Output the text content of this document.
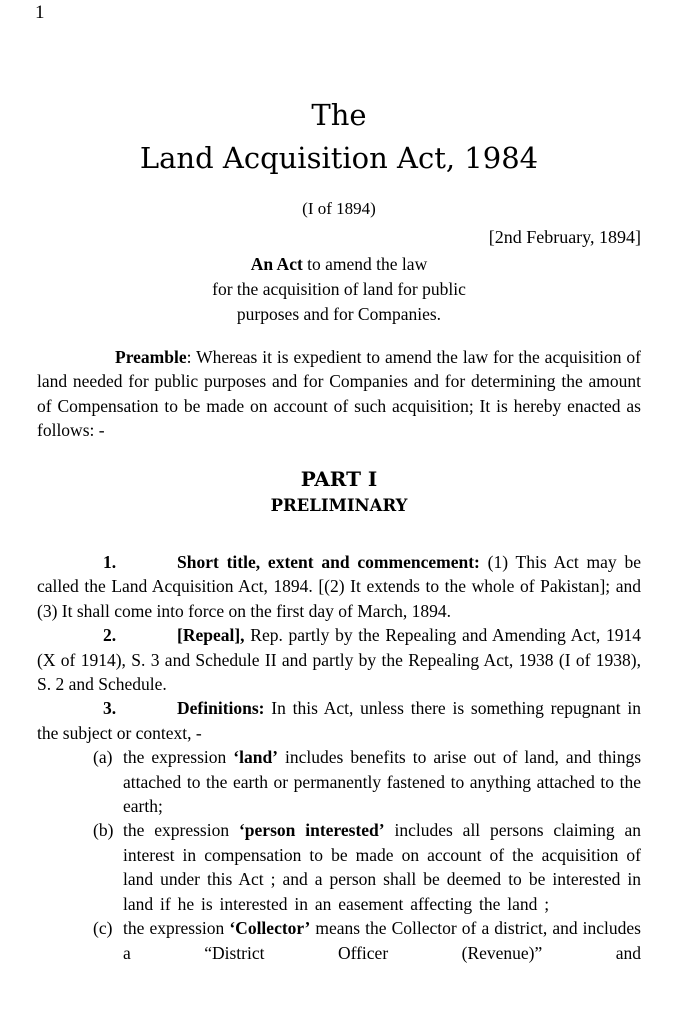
1
The
Land Acquisition Act, 1984
(I of 1894)
[2nd February, 1894]
An Act to amend the law
for the acquisition of land for public
purposes and for Companies.

Preamble: Whereas it is expedient to amend the law for the acquisition of land needed for public purposes and for Companies and for determining the amount of Compensation to be made on account of such acquisition; It is hereby enacted as follows: -

PART I
PRELIMINARY

1.	Short title, extent and commencement: (1) This Act may be called the Land Acquisition Act, 1894. [(2) It extends to the whole of Pakistan]; and (3) It shall come into force on the first day of March, 1894.

2.	[Repeal], Rep. partly by the Repealing and Amending Act, 1914 (X of 1914), S. 3 and Schedule II and partly by the Repealing Act, 1938 (I of 1938), S. 2 and Schedule.

3.	Definitions: In this Act, unless there is something repugnant in the subject or context, -

(a) the expression ‘land’ includes benefits to arise out of land, and things attached to the earth or permanently fastened to anything attached to the earth;
(b) the expression ‘person interested’ includes all persons claiming an interest in compensation to be made on account of the acquisition of land under this Act ; and a person shall be deemed to be interested in land if he is interested in an easement affecting the land ;
(c) the expression ‘Collector’ means the Collector of a district, and includes a “District Officer (Revenue)” and
